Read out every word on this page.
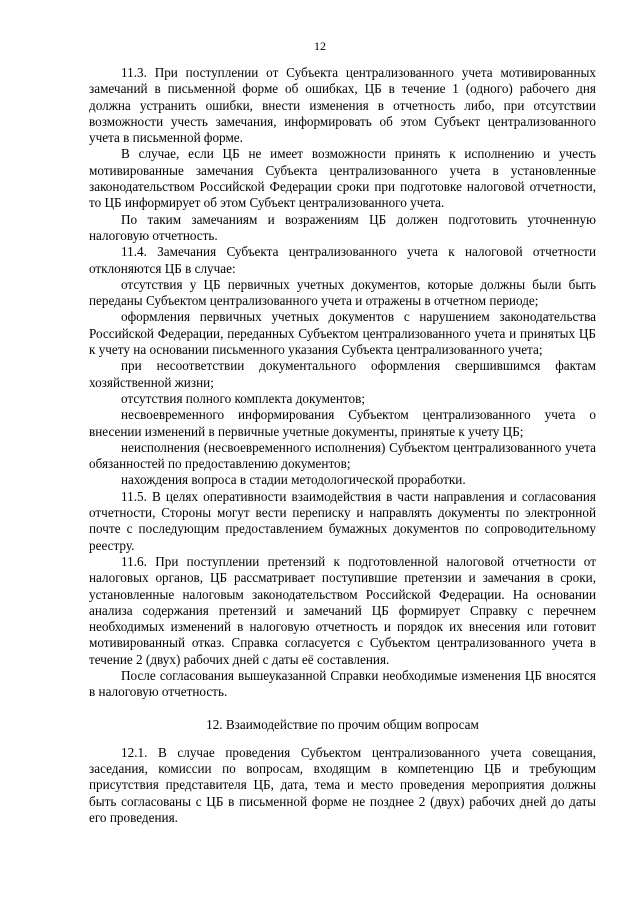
12

11.3. При поступлении от Субъекта централизованного учета мотивированных замечаний в письменной форме об ошибках, ЦБ в течение 1 (одного) рабочего дня должна устранить ошибки, внести изменения в отчетность либо, при отсутствии возможности учесть замечания, информировать об этом Субъект централизованного учета в письменной форме.

В случае, если ЦБ не имеет возможности принять к исполнению и учесть мотивированные замечания Субъекта централизованного учета в установленные законодательством Российской Федерации сроки при подготовке налоговой отчетности, то ЦБ информирует об этом Субъект централизованного учета.

По таким замечаниям и возражениям ЦБ должен подготовить уточненную налоговую отчетность.

11.4. Замечания Субъекта централизованного учета к налоговой отчетности отклоняются ЦБ в случае:

отсутствия у ЦБ первичных учетных документов, которые должны были быть переданы Субъектом централизованного учета и отражены в отчетном периоде;

оформления первичных учетных документов с нарушением законодательства Российской Федерации, переданных Субъектом централизованного учета и принятых ЦБ к учету на основании письменного указания Субъекта централизованного учета;

при несоответствии документального оформления свершившимся фактам хозяйственной жизни;

отсутствия полного комплекта документов;

несвоевременного информирования Субъектом централизованного учета о внесении изменений в первичные учетные документы, принятые к учету ЦБ;

неисполнения (несвоевременного исполнения) Субъектом централизованного учета обязанностей по предоставлению документов;

нахождения вопроса в стадии методологической проработки.

11.5. В целях оперативности взаимодействия в части направления и согласования отчетности, Стороны могут вести переписку и направлять документы по электронной почте с последующим предоставлением бумажных документов по сопроводительному реестру.

11.6. При поступлении претензий к подготовленной налоговой отчетности от налоговых органов, ЦБ рассматривает поступившие претензии и замечания в сроки, установленные налоговым законодательством Российской Федерации. На основании анализа содержания претензий и замечаний ЦБ формирует Справку с перечнем необходимых изменений в налоговую отчетность и порядок их внесения или готовит мотивированный отказ. Справка согласуется с Субъектом централизованного учета в течение 2 (двух) рабочих дней с даты её составления.

После согласования вышеуказанной Справки необходимые изменения ЦБ вносятся в налоговую отчетность.

12. Взаимодействие по прочим общим вопросам

12.1. В случае проведения Субъектом централизованного учета совещания, заседания, комиссии по вопросам, входящим в компетенцию ЦБ и требующим присутствия представителя ЦБ, дата, тема и место проведения мероприятия должны быть согласованы с ЦБ в письменной форме не позднее 2 (двух) рабочих дней до даты его проведения.
